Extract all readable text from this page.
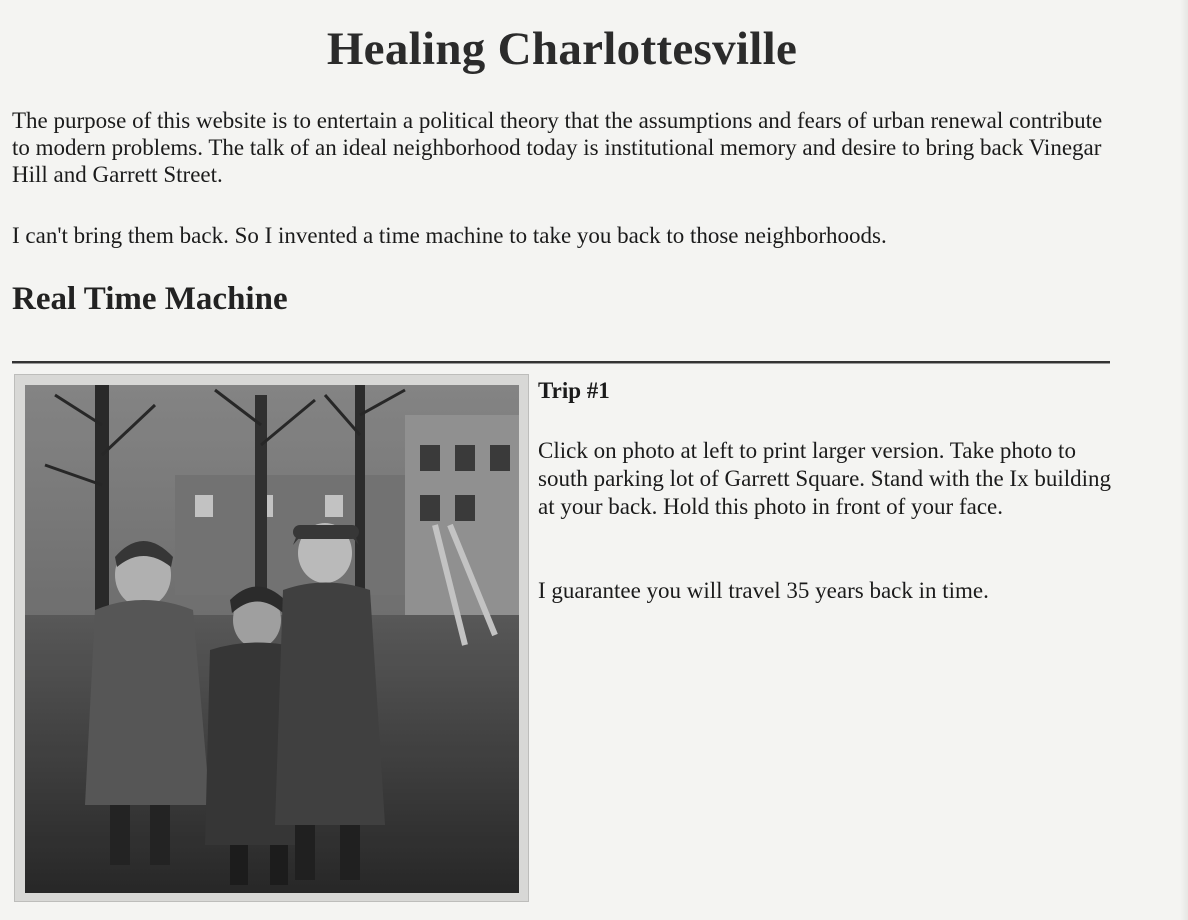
Healing Charlottesville

The purpose of this website is to entertain a political theory that the assumptions and fears of urban renewal contribute to modern problems. The talk of an ideal neighborhood today is institutional memory and desire to bring back Vinegar Hill and Garrett Street.

I can't bring them back. So I invented a time machine to take you back to those neighborhoods.

Real Time Machine

Trip #1

Click on photo at left to print larger version. Take photo to south parking lot of Garrett Square. Stand with the Ix building at your back. Hold this photo in front of your face.

I guarantee you will travel 35 years back in time.
